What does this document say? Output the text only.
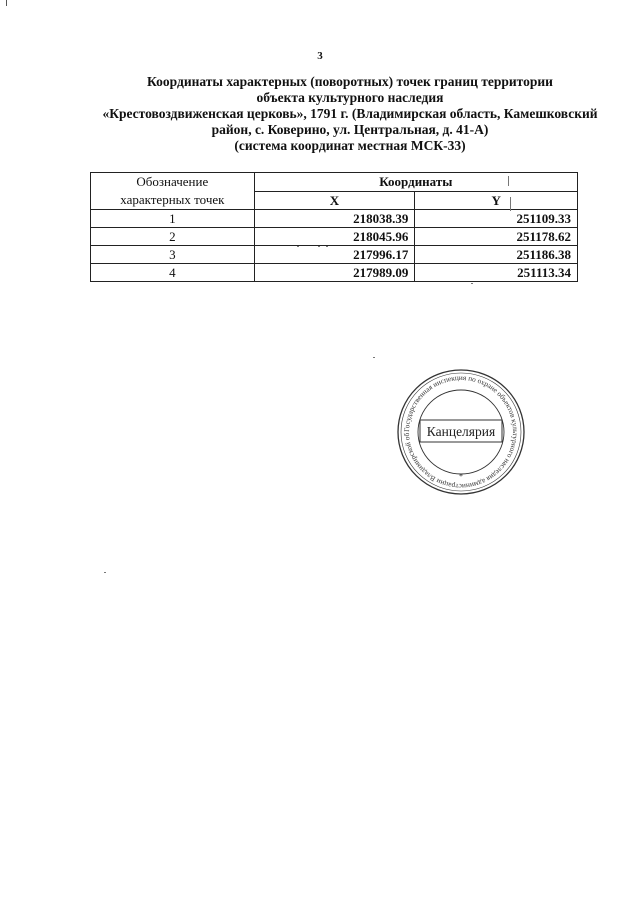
3
Координаты характерных (поворотных) точек границ территории
объекта культурного наследия
«Крестовоздвиженская церковь», 1791 г. (Владимирская область, Камешковский
район, с. Коверино, ул. Центральная, д. 41-А)
(система координат местная МСК-33)
Обозначение
характерных точек	Координаты	
	X	Y
1	218038.39	251109.33
2	218045.96	251178.62
3	217996.17	251186.38
4	217989.09	251113.34
Государственная инспекция по охране объектов культурного наследия администрации Владимирской об	Канцелярия
*
